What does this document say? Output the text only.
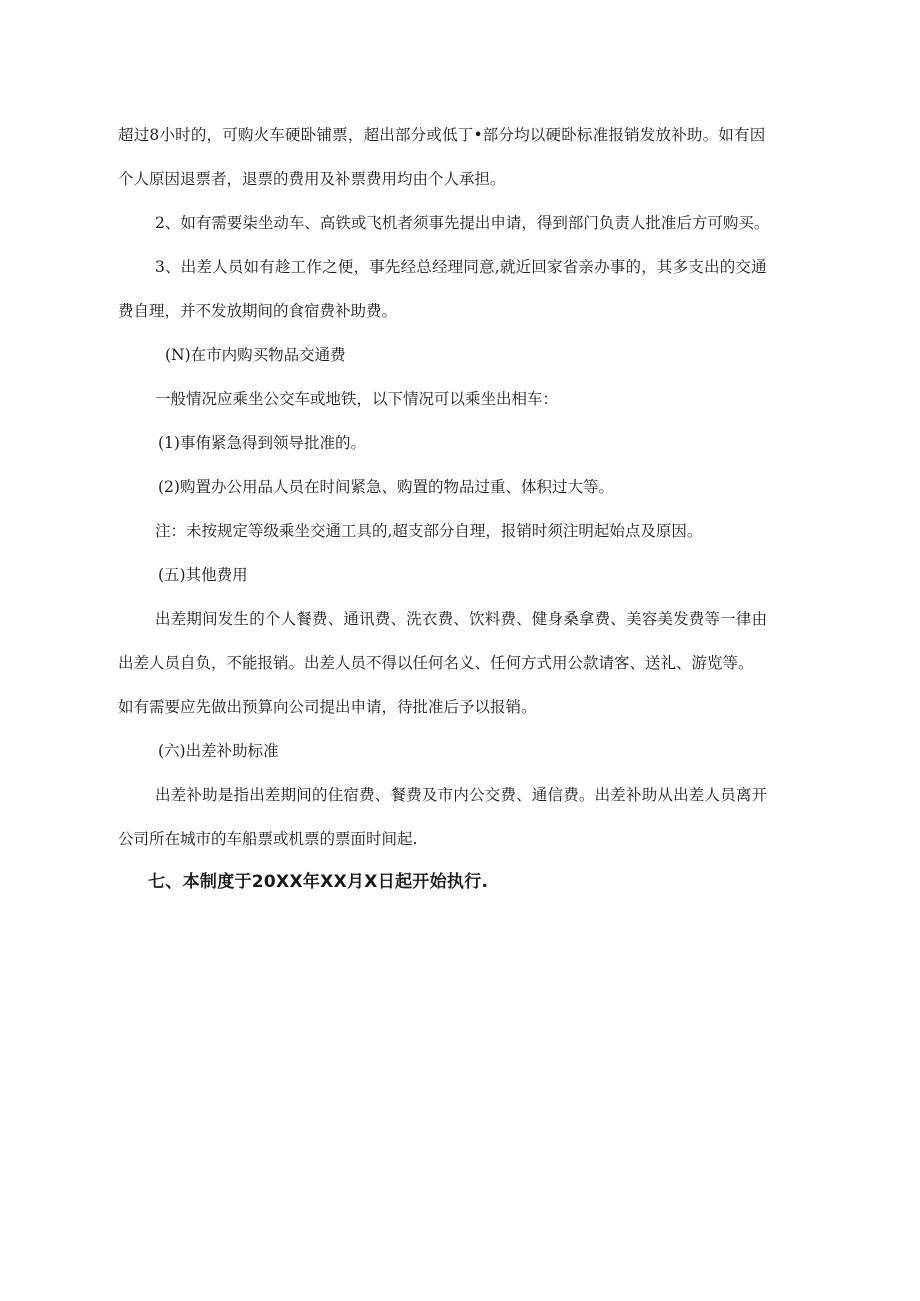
超过8小时的，可购火车硬卧铺票，超出部分或低丁•部分均以硬卧标准报销发放补助。如有因
个人原因退票者，退票的费用及补票费用均由个人承担。
2、如有需要柒坐动车、高铁或飞机者须事先提出申请，得到部门负责人批准后方可购买。
3、出差人员如有趁工作之便，事先经总经理同意,就近回家省亲办事的，其多支出的交通
费自理，并不发放期间的食宿费补助费。
(N)在市内购买物品交通费
一般情况应乘坐公交车或地铁，以下情况可以乘坐出相车：
(1)事侑紧急得到领导批准的。
(2)购置办公用品人员在时间紧急、购置的物品过重、体积过大等。
注：未按规定等级乘坐交通工具的,超支部分自理，报销时须注明起始点及原因。
(五)其他费用
出差期间发生的个人餐费、通讯费、洗衣费、饮料费、健身桑拿费、美容美发费等一律由
出差人员自负，不能报销。出差人员不得以任何名义、任何方式用公款请客、送礼、游览等。
如有需要应先做出预算向公司提出申请，待批准后予以报销。
(六)出差补助标准
出差补助是指出差期间的住宿费、餐费及市内公交费、通信费。出差补助从出差人员离开
公司所在城市的车船票或机票的票面时间起.
七、本制度于20XX年XX月X日起开始执行.
